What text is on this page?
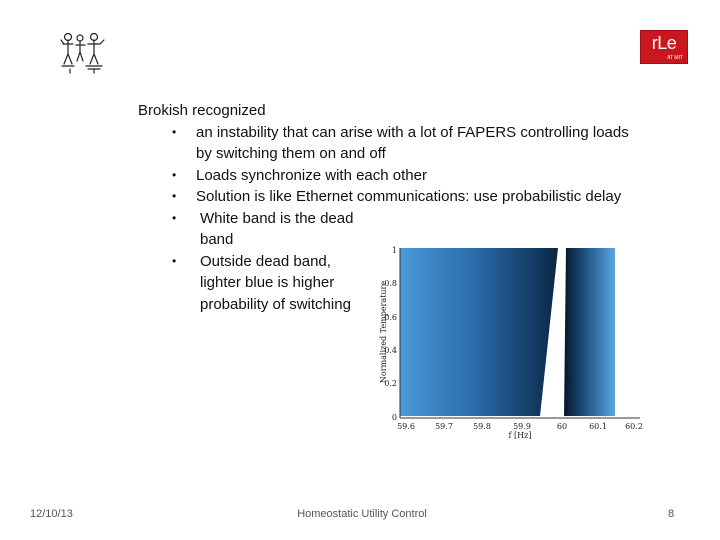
rLe
AT MIT

Brokish recognized

• an instability that can arise with a lot of FAPERS controlling loads by switching them on and off
• Loads synchronize with each other
• Solution is like Ethernet communications: use probabilistic delay
• White band is the dead band
• Outside dead band, lighter blue is higher probability of switching
0
0.2
0.4
0.6
0.8
1
59.6	59.7	59.8	59.9	60	60.1 60.2
f [Hz]
Normalized Temperature
12/10/13	Homeostatic Utility Control	8
